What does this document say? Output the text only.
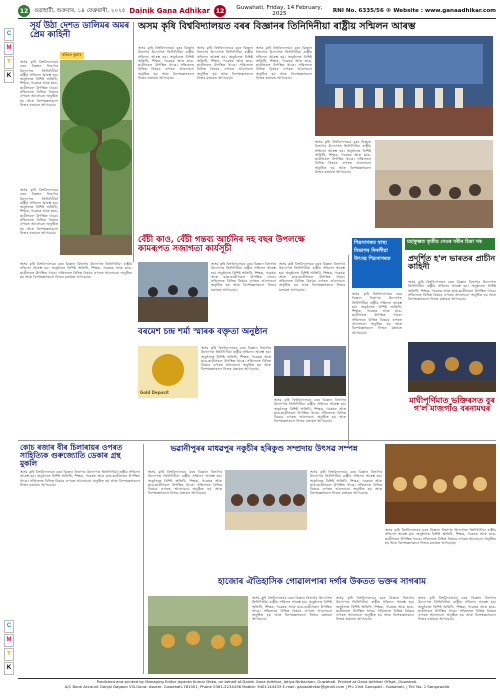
C
M
Y
K
C
M
Y
K
12	গুৱাহাটী, শুক্ৰবাৰ, ১৪ ফেব্ৰুৱাৰী, ২০২৫ Dainik Gana Adhikar 12	Guwahati, Friday, 14 February, 2025	RNI No. 6335/56 ® Website : www.ganaadhikar.com
সূৰ্য উঠা দেশত ডালিমৰ অমৰ প্ৰেম কাহিনী
ৰঞ্জিত কুমাৰ
অসম কৃষি বিশ্ববিদ্যালয়ৰ বৰৰ বিজ্ঞান বিভাগৰ উদ্যোগত তিনিদিনীয়া ৰাষ্ট্ৰীয় সন্মিলন আৰম্ভ হয়। অনুষ্ঠানত বিশিষ্ট অতিথি, শিক্ষক, গৱেষক আৰু ছাত্ৰ-ছাত্ৰীসকল উপস্থিত থাকে। সন্মিলনত বিভিন্ন বিষয়ৰ ওপৰত আলোচনা অনুষ্ঠিত হয় আৰু বিশেষজ্ঞসকলে নিজৰ মতামত আগবঢ়ায়।
অসম কৃষি বিশ্ববিদ্যালয়ৰ বৰৰ বিজ্ঞান বিভাগৰ উদ্যোগত তিনিদিনীয়া ৰাষ্ট্ৰীয় সন্মিলন আৰম্ভ হয়। অনুষ্ঠানত বিশিষ্ট অতিথি, শিক্ষক, গৱেষক আৰু ছাত্ৰ-ছাত্ৰীসকল উপস্থিত থাকে। সন্মিলনত বিভিন্ন বিষয়ৰ ওপৰত আলোচনা অনুষ্ঠিত হয় আৰু বিশেষজ্ঞসকলে নিজৰ মতামত আগবঢ়ায়।
অসম কৃষি বিশ্ববিদ্যালয়ত বৰৰ বিজ্ঞানৰ তিনিদিনীয়া ৰাষ্ট্ৰীয় সন্মিলন আৰম্ভ
অসম কৃষি বিশ্ববিদ্যালয়ৰ বৰৰ বিজ্ঞান বিভাগৰ উদ্যোগত তিনিদিনীয়া ৰাষ্ট্ৰীয় সন্মিলন আৰম্ভ হয়। অনুষ্ঠানত বিশিষ্ট অতিথি, শিক্ষক, গৱেষক আৰু ছাত্ৰ-ছাত্ৰীসকল উপস্থিত থাকে। সন্মিলনত বিভিন্ন বিষয়ৰ ওপৰত আলোচনা অনুষ্ঠিত হয় আৰু বিশেষজ্ঞসকলে নিজৰ মতামত আগবঢ়ায়।
অসম কৃষি বিশ্ববিদ্যালয়ৰ বৰৰ বিজ্ঞান বিভাগৰ উদ্যোগত তিনিদিনীয়া ৰাষ্ট্ৰীয় সন্মিলন আৰম্ভ হয়। অনুষ্ঠানত বিশিষ্ট অতিথি, শিক্ষক, গৱেষক আৰু ছাত্ৰ-ছাত্ৰীসকল উপস্থিত থাকে। সন্মিলনত বিভিন্ন বিষয়ৰ ওপৰত আলোচনা অনুষ্ঠিত হয় আৰু বিশেষজ্ঞসকলে নিজৰ মতামত আগবঢ়ায়।
অসম কৃষি বিশ্ববিদ্যালয়ৰ বৰৰ বিজ্ঞান বিভাগৰ উদ্যোগত তিনিদিনীয়া ৰাষ্ট্ৰীয় সন্মিলন আৰম্ভ হয়। অনুষ্ঠানত বিশিষ্ট অতিথি, শিক্ষক, গৱেষক আৰু ছাত্ৰ-ছাত্ৰীসকল উপস্থিত থাকে। সন্মিলনত বিভিন্ন বিষয়ৰ ওপৰত আলোচনা অনুষ্ঠিত হয় আৰু বিশেষজ্ঞসকলে নিজৰ মতামত আগবঢ়ায়।
অসম কৃষি বিশ্ববিদ্যালয়ৰ বৰৰ বিজ্ঞান বিভাগৰ উদ্যোগত তিনিদিনীয়া ৰাষ্ট্ৰীয় সন্মিলন আৰম্ভ হয়। অনুষ্ঠানত বিশিষ্ট অতিথি, শিক্ষক, গৱেষক আৰু ছাত্ৰ-ছাত্ৰীসকল উপস্থিত থাকে। সন্মিলনত বিভিন্ন বিষয়ৰ ওপৰত আলোচনা অনুষ্ঠিত হয় আৰু বিশেষজ্ঞসকলে নিজৰ মতামত আগবঢ়ায়।
বেঁচী কাও, বেঁচী গন্তব্য আৰ্চনিৰ দহ বছৰ উপলক্ষে কামৰূপত সজাগতা কাৰ্যসূচী
অসম কৃষি বিশ্ববিদ্যালয়ৰ বৰৰ বিজ্ঞান বিভাগৰ উদ্যোগত তিনিদিনীয়া ৰাষ্ট্ৰীয় সন্মিলন আৰম্ভ হয়। অনুষ্ঠানত বিশিষ্ট অতিথি, শিক্ষক, গৱেষক আৰু ছাত্ৰ-ছাত্ৰীসকল উপস্থিত থাকে। সন্মিলনত বিভিন্ন বিষয়ৰ ওপৰত আলোচনা অনুষ্ঠিত হয় আৰু বিশেষজ্ঞসকলে নিজৰ মতামত আগবঢ়ায়।
অসম কৃষি বিশ্ববিদ্যালয়ৰ বৰৰ বিজ্ঞান বিভাগৰ উদ্যোগত তিনিদিনীয়া ৰাষ্ট্ৰীয় সন্মিলন আৰম্ভ হয়। অনুষ্ঠানত বিশিষ্ট অতিথি, শিক্ষক, গৱেষক আৰু ছাত্ৰ-ছাত্ৰীসকল উপস্থিত থাকে। সন্মিলনত বিভিন্ন বিষয়ৰ ওপৰত আলোচনা অনুষ্ঠিত হয় আৰু বিশেষজ্ঞসকলে নিজৰ মতামত আগবঢ়ায়।
বৰমেশ চন্দ্ৰ শৰ্মা স্মাৰক বক্তৃতা অনুষ্ঠান
Gold Deposit
অসম কৃষি বিশ্ববিদ্যালয়ৰ বৰৰ বিজ্ঞান বিভাগৰ উদ্যোগত তিনিদিনীয়া ৰাষ্ট্ৰীয় সন্মিলন আৰম্ভ হয়। অনুষ্ঠানত বিশিষ্ট অতিথি, শিক্ষক, গৱেষক আৰু ছাত্ৰ-ছাত্ৰীসকল উপস্থিত থাকে। সন্মিলনত বিভিন্ন বিষয়ৰ ওপৰত আলোচনা অনুষ্ঠিত হয় আৰু বিশেষজ্ঞসকলে নিজৰ মতামত আগবঢ়ায়।
অসম কৃষি বিশ্ববিদ্যালয়ৰ বৰৰ বিজ্ঞান বিভাগৰ উদ্যোগত তিনিদিনীয়া ৰাষ্ট্ৰীয় সন্মিলন আৰম্ভ হয়। অনুষ্ঠানত বিশিষ্ট অতিথি, শিক্ষক, গৱেষক আৰু ছাত্ৰ-ছাত্ৰীসকল উপস্থিত থাকে। সন্মিলনত বিভিন্ন বিষয়ৰ ওপৰত আলোচনা অনুষ্ঠিত হয় আৰু বিশেষজ্ঞসকলে নিজৰ মতামত আগবঢ়ায়।
অসম কৃষি বিশ্ববিদ্যালয়ৰ বৰৰ বিজ্ঞান বিভাগৰ উদ্যোগত তিনিদিনীয়া ৰাষ্ট্ৰীয় সন্মিলন আৰম্ভ হয়। অনুষ্ঠানত বিশিষ্ট অতিথি, শিক্ষক, গৱেষক আৰু ছাত্ৰ-ছাত্ৰীসকল উপস্থিত থাকে। সন্মিলনত বিভিন্ন বিষয়ৰ ওপৰত আলোচনা অনুষ্ঠিত হয় আৰু বিশেষজ্ঞসকলে নিজৰ মতামত আগবঢ়ায়।
শিৱসাগৰত স্বাস্থ্য বিভাগৰ দিনলীয়া উৎসৱ শিৱসাগৰত
মহাকুম্ভত তৃতীয় দেওৰ বৰীৰ চিন্তা খৰ
প্ৰদৰ্শিত হ'ল ভাৰতৰ প্ৰাচীন কাহিনী
অসম কৃষি বিশ্ববিদ্যালয়ৰ বৰৰ বিজ্ঞান বিভাগৰ উদ্যোগত তিনিদিনীয়া ৰাষ্ট্ৰীয় সন্মিলন আৰম্ভ হয়। অনুষ্ঠানত বিশিষ্ট অতিথি, শিক্ষক, গৱেষক আৰু ছাত্ৰ-ছাত্ৰীসকল উপস্থিত থাকে। সন্মিলনত বিভিন্ন বিষয়ৰ ওপৰত আলোচনা অনুষ্ঠিত হয় আৰু বিশেষজ্ঞসকলে নিজৰ মতামত আগবঢ়ায়।
অসম কৃষি বিশ্ববিদ্যালয়ৰ বৰৰ বিজ্ঞান বিভাগৰ উদ্যোগত তিনিদিনীয়া ৰাষ্ট্ৰীয় সন্মিলন আৰম্ভ হয়। অনুষ্ঠানত বিশিষ্ট অতিথি, শিক্ষক, গৱেষক আৰু ছাত্ৰ-ছাত্ৰীসকল উপস্থিত থাকে। সন্মিলনত বিভিন্ন বিষয়ৰ ওপৰত আলোচনা অনুষ্ঠিত হয় আৰু বিশেষজ্ঞসকলে নিজৰ মতামত আগবঢ়ায়।
মাঘীপূৰ্ণিমাত ভক্তিৰসত বুৰ গ'ল মাজগাঁও বৰনামঘৰ
কোচ ৰজাৰ বীৰ চিলাৰায়ৰ ওপৰত সাহিত্যিক গুৰুজ্যোতি ডেকাৰ গ্ৰন্থ মুকলি
অসম কৃষি বিশ্ববিদ্যালয়ৰ বৰৰ বিজ্ঞান বিভাগৰ উদ্যোগত তিনিদিনীয়া ৰাষ্ট্ৰীয় সন্মিলন আৰম্ভ হয়। অনুষ্ঠানত বিশিষ্ট অতিথি, শিক্ষক, গৱেষক আৰু ছাত্ৰ-ছাত্ৰীসকল উপস্থিত থাকে। সন্মিলনত বিভিন্ন বিষয়ৰ ওপৰত আলোচনা অনুষ্ঠিত হয় আৰু বিশেষজ্ঞসকলে নিজৰ মতামত আগবঢ়ায়।
ভৱানীপুৰৰ মাধৱপুৰ নকুচীৰ হৰিকুণ্ড সম্প্ৰদায় উৎসৱ সম্পন্ন
অসম কৃষি বিশ্ববিদ্যালয়ৰ বৰৰ বিজ্ঞান বিভাগৰ উদ্যোগত তিনিদিনীয়া ৰাষ্ট্ৰীয় সন্মিলন আৰম্ভ হয়। অনুষ্ঠানত বিশিষ্ট অতিথি, শিক্ষক, গৱেষক আৰু ছাত্ৰ-ছাত্ৰীসকল উপস্থিত থাকে। সন্মিলনত বিভিন্ন বিষয়ৰ ওপৰত আলোচনা অনুষ্ঠিত হয় আৰু বিশেষজ্ঞসকলে নিজৰ মতামত আগবঢ়ায়।
অসম কৃষি বিশ্ববিদ্যালয়ৰ বৰৰ বিজ্ঞান বিভাগৰ উদ্যোগত তিনিদিনীয়া ৰাষ্ট্ৰীয় সন্মিলন আৰম্ভ হয়। অনুষ্ঠানত বিশিষ্ট অতিথি, শিক্ষক, গৱেষক আৰু ছাত্ৰ-ছাত্ৰীসকল উপস্থিত থাকে। সন্মিলনত বিভিন্ন বিষয়ৰ ওপৰত আলোচনা অনুষ্ঠিত হয় আৰু বিশেষজ্ঞসকলে নিজৰ মতামত আগবঢ়ায়।
অসম কৃষি বিশ্ববিদ্যালয়ৰ বৰৰ বিজ্ঞান বিভাগৰ উদ্যোগত তিনিদিনীয়া ৰাষ্ট্ৰীয় সন্মিলন আৰম্ভ হয়। অনুষ্ঠানত বিশিষ্ট অতিথি, শিক্ষক, গৱেষক আৰু ছাত্ৰ-ছাত্ৰীসকল উপস্থিত থাকে। সন্মিলনত বিভিন্ন বিষয়ৰ ওপৰত আলোচনা অনুষ্ঠিত হয় আৰু বিশেষজ্ঞসকলে নিজৰ মতামত আগবঢ়ায়।
হাজোৰ ঐতিহাসিক গোৱালপাৰা দৰ্গাৰ উকতত ভক্তৰ সাগৰাম
অসম কৃষি বিশ্ববিদ্যালয়ৰ বৰৰ বিজ্ঞান বিভাগৰ উদ্যোগত তিনিদিনীয়া ৰাষ্ট্ৰীয় সন্মিলন আৰম্ভ হয়। অনুষ্ঠানত বিশিষ্ট অতিথি, শিক্ষক, গৱেষক আৰু ছাত্ৰ-ছাত্ৰীসকল উপস্থিত থাকে। সন্মিলনত বিভিন্ন বিষয়ৰ ওপৰত আলোচনা অনুষ্ঠিত হয় আৰু বিশেষজ্ঞসকলে নিজৰ মতামত আগবঢ়ায়।
অসম কৃষি বিশ্ববিদ্যালয়ৰ বৰৰ বিজ্ঞান বিভাগৰ উদ্যোগত তিনিদিনীয়া ৰাষ্ট্ৰীয় সন্মিলন আৰম্ভ হয়। অনুষ্ঠানত বিশিষ্ট অতিথি, শিক্ষক, গৱেষক আৰু ছাত্ৰ-ছাত্ৰীসকল উপস্থিত থাকে। সন্মিলনত বিভিন্ন বিষয়ৰ ওপৰত আলোচনা অনুষ্ঠিত হয় আৰু বিশেষজ্ঞসকলে নিজৰ মতামত আগবঢ়ায়।
অসম কৃষি বিশ্ববিদ্যালয়ৰ বৰৰ বিজ্ঞান বিভাগৰ উদ্যোগত তিনিদিনীয়া ৰাষ্ট্ৰীয় সন্মিলন আৰম্ভ হয়। অনুষ্ঠানত বিশিষ্ট অতিথি, শিক্ষক, গৱেষক আৰু ছাত্ৰ-ছাত্ৰীসকল উপস্থিত থাকে। সন্মিলনত বিভিন্ন বিষয়ৰ ওপৰত আলোচনা অনুষ্ঠিত হয় আৰু বিশেষজ্ঞসকলে নিজৰ মতামত আগবঢ়ায়।
Published and printed by Managing Editor Jayanta Kumar Deka, on behalf of Dainik Gana Adhikar, Jatiya Nirbachan, Guwahati. Printed at Gana Adhikar Offset, Guwahati.
A/C Bank Account Ganjal Dagaon Vill-Gana: Assam: Guwahati-781001, Phone 0361-2234436 Mobile: 9401144433 E-mail: ganaadhikar@gmail.com | Ph: 2ind Ganapati - Guwahati. | Tel: No. 1 Sanguwalla
